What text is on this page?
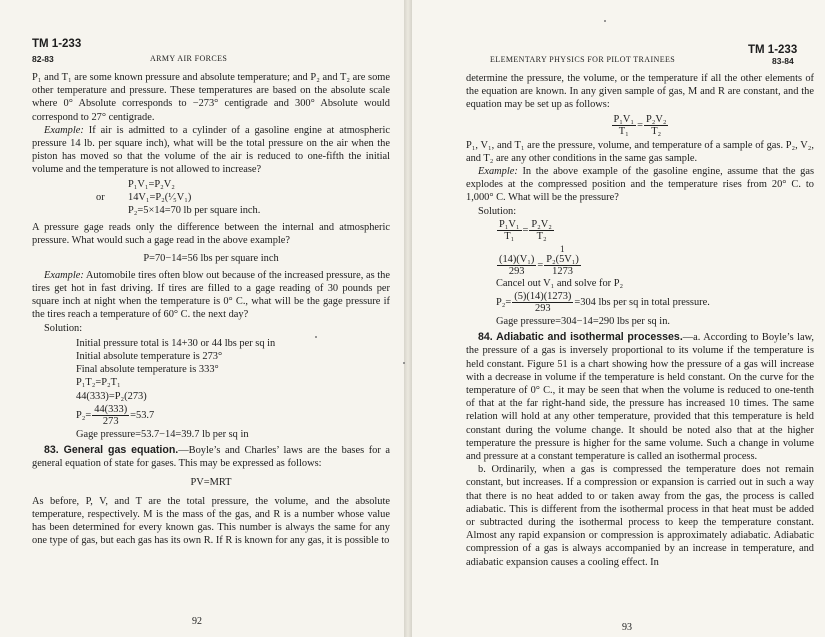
TM 1-233
82-83	ARMY AIR FORCES

P₁ and T₁ are some known pressure and absolute temperature; and P₂ and T₂ are some other temperature and pressure. These temperatures are based on the absolute scale where 0° Absolute corresponds to −273° centigrade and 300° Absolute would correspond to 27° centigrade.

Example: If air is admitted to a cylinder of a gasoline engine at atmospheric pressure 14 lb. per square inch), what will be the total pressure on the air when the piston has moved so that the volume of the air is reduced to one-fifth the initial volume and the temperature is not allowed to increase?

P₁V₁=P₂V₂
or 14V₁=P₂(¹⁄₅V₁)
P₂=5×14=70 lb per square inch.

A pressure gage reads only the difference between the internal and atmospheric pressure. What would such a gage read in the above example?

P=70−14=56 lbs per square inch

Example: Automobile tires often blow out because of the increased pressure, as the tires get hot in fast driving. If tires are filled to a gage reading of 30 pounds per square inch at night when the temperature is 0° C., what will be the gage pressure if the tires reach a temperature of 60° C. the next day?

Solution:

Initial pressure total is 14+30 or 44 lbs per sq in
Initial absolute temperature is 273°
Final absolute temperature is 333°
P₁T₂=P₂T₁
44(333)=P₂(273)
$P_2= \frac{44(333)}{273} =53.7$
Gage pressure=53.7−14=39.7 lb per sq in

83. General gas equation.—Boyle’s and Charles’ laws are the bases for a general equation of state for gases. This may be expressed as follows:

PV=MRT

As before, P, V, and T are the total pressure, the volume, and the absolute temperature, respectively. M is the mass of the gas, and R is a number whose value has been determined for every known gas. This number is always the same for any one type of gas, but each gas has its own R. If R is known for any gas, it is possible to

92
TM 1-233
ELEMENTARY PHYSICS FOR PILOT TRAINEES	83-84

determine the pressure, the volume, or the temperature if all the other elements of the equation are known. In any given sample of gas, M and R are constant, and the equation may be set up as follows:

$\frac{\text{P₁V₁}}{\text{T₁}} = \frac{\text{P₂V₂}}{\text{T₂}}$

P₁, V₁, and T₁ are the pressure, volume, and temperature of a sample of gas. P₂, V₂, and T₂ are any other conditions in the same gas sample.

Example: In the above example of the gasoline engine, assume that the gas explodes at the compressed position and the temperature rises from 20° C. to 1,000° C. What will be the pressure?

Solution:

$\frac{\text{P₁V₁}}{\text{T₁}} = \frac{\text{P₂V₂}}{\text{T₂}}$
1
$\frac{\text{(14)(V₁)}}{293} = \frac{\text{P₂(5V₁)}}{1273}$
Cancel out V₁ and solve for P₂
$P_2= \frac{(5)(14)(1273)}{293} =304$ lbs per sq in total pressure.
Gage pressure=304−14=290 lbs per sq in.

84. Adiabatic and isothermal processes.—a. According to Boyle’s law, the pressure of a gas is inversely proportional to its volume if the temperature is held constant. Figure 51 is a chart showing how the pressure of a gas will increase with a decrease in volume if the temperature is held constant. On the curve for the temperature of 0° C., it may be seen that when the volume is reduced to one-tenth of that at the far right-hand side, the pressure has increased 10 times. The same relation will hold at any other temperature, provided that this temperature is held constant during the volume change. It should be noted also that at the higher temperature the pressure is higher for the same volume. Such a change in volume and pressure at a constant temperature is called an isothermal process.

b. Ordinarily, when a gas is compressed the temperature does not remain constant, but increases. If a compression or expansion is carried out in such a way that there is no heat added to or taken away from the gas, the process is called adiabatic. This is different from the isothermal process in that heat must be added or subtracted during the isothermal process to keep the temperature constant. Almost any rapid expansion or compression is approximately adiabatic. Adiabatic compression of a gas is always accompanied by an increase in temperature, and adiabatic expansion causes a cooling effect. In

93
